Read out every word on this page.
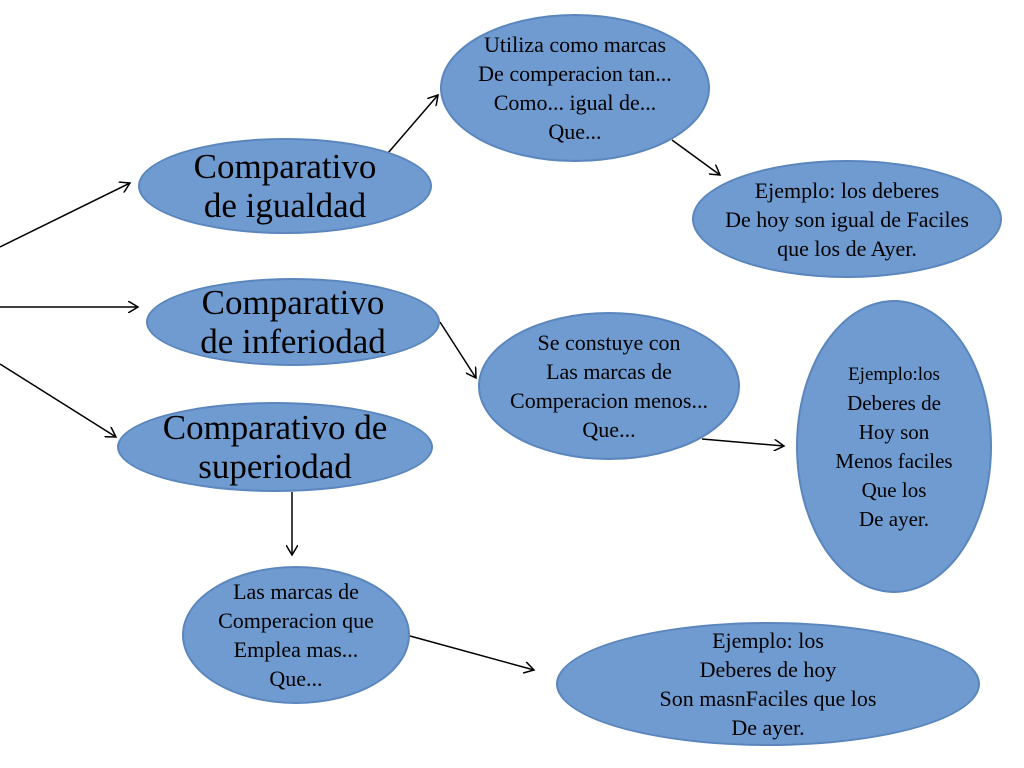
Comparativo
de igualdad
Comparativo
de inferiodad
Comparativo de
superiodad
Utiliza como marcas
De comperacion tan...
Como... igual de...
Que...
Ejemplo: los deberes
De hoy son igual de Faciles
que los de Ayer.
Se constuye con
Las marcas de
Comperacion menos...
Que...
Ejemplo:los
Deberes de
Hoy son
Menos faciles
Que los
De ayer.
Las marcas de
Comperacion que
Emplea mas...
Que...
Ejemplo: los
Deberes de hoy
Son masnFaciles que los
De ayer.
